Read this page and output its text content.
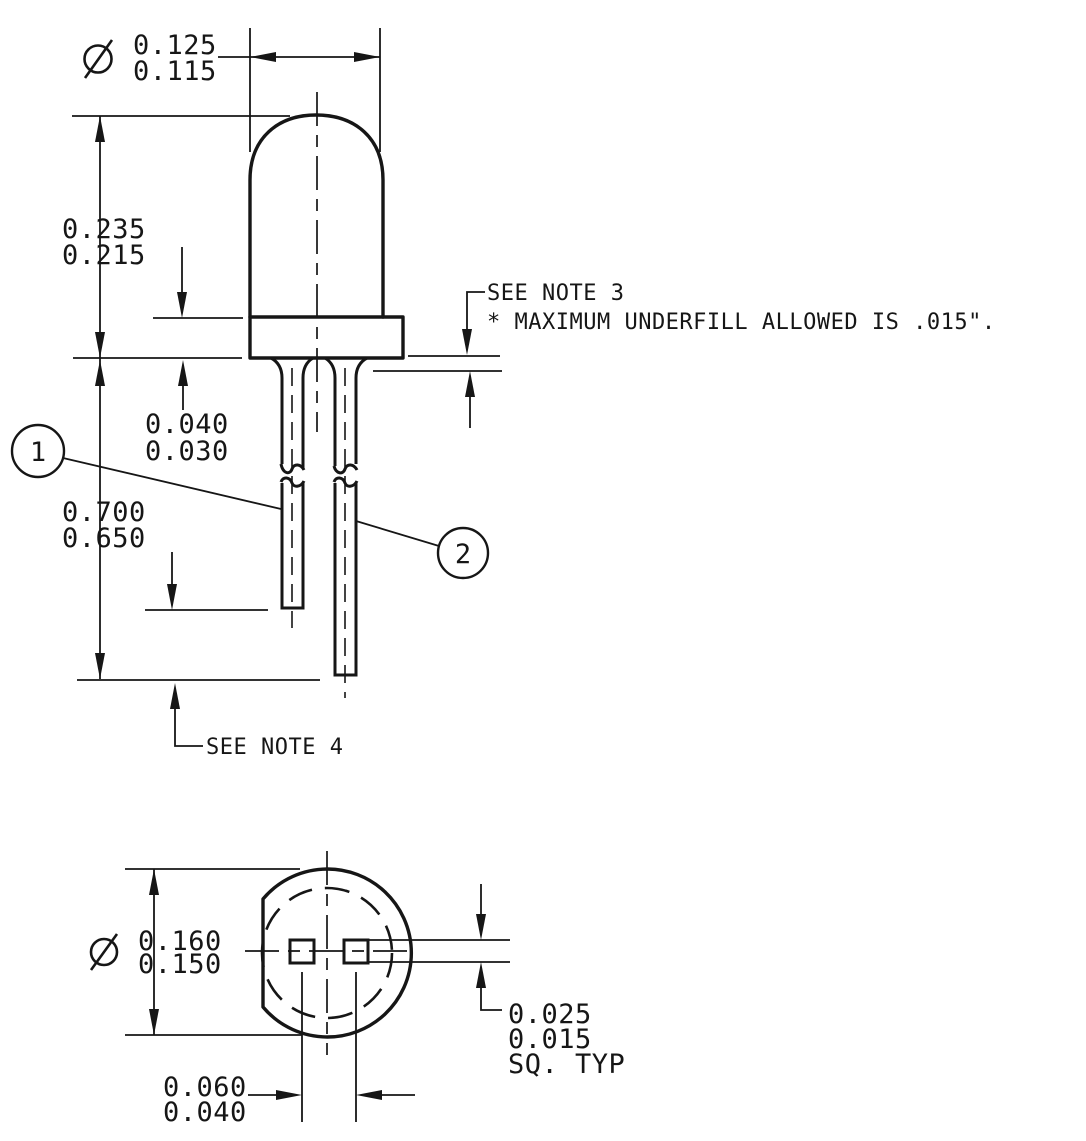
0.125
0.115
0.235
0.215
0.040
0.030
0.700
0.650
SEE NOTE 3
* MAXIMUM UNDERFILL ALLOWED IS .015".
1
2
SEE NOTE 4
0.160
0.150
0.025
0.015
SQ. TYP
0.060
0.040
